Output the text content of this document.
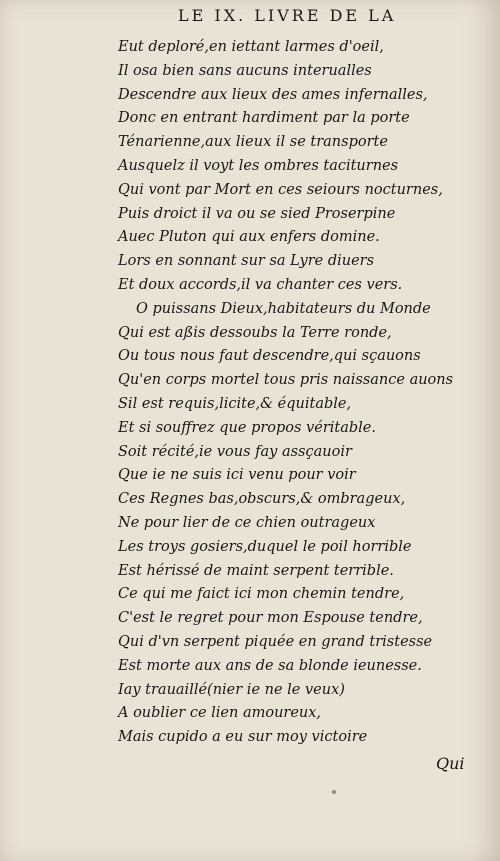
LE IX. LIVRE DE LA
Eut deploré,en iettant larmes d'oeil,
Il osa bien sans aucuns interualles
Descendre aux lieux des ames infernalles,
Donc en entrant hardiment par la porte
Ténarienne,aux lieux il se transporte
Ausquelz il voyt les ombres taciturnes
Qui vont par Mort en ces seiours nocturnes,
Puis droict il va ou se sied Proserpine
Auec Pluton qui aux enfers domine.
Lors en sonnant sur sa Lyre diuers
Et doux accords,il va chanter ces vers.
O puissans Dieux,habitateurs du Monde
Qui est aßis dessoubs la Terre ronde,
Ou tous nous faut descendre,qui sçauons
Qu'en corps mortel tous pris naissance auons
Sil est requis,licite,& équitable,
Et si souffrez que propos véritable.
Soit récité,ie vous fay assçauoir
Que ie ne suis ici venu pour voir
Ces Regnes bas,obscurs,& ombrageux,
Ne pour lier de ce chien outrageux
Les troys gosiers,duquel le poil horrible
Est hérissé de maint serpent terrible.
Ce qui me faict ici mon chemin tendre,
C'est le regret pour mon Espouse tendre,
Qui d'vn serpent piquée en grand tristesse
Est morte aux ans de sa blonde ieunesse.
Iay trauaillé(nier ie ne le veux)
A oublier ce lien amoureux,
Mais cupido a eu sur moy victoire
Qui
